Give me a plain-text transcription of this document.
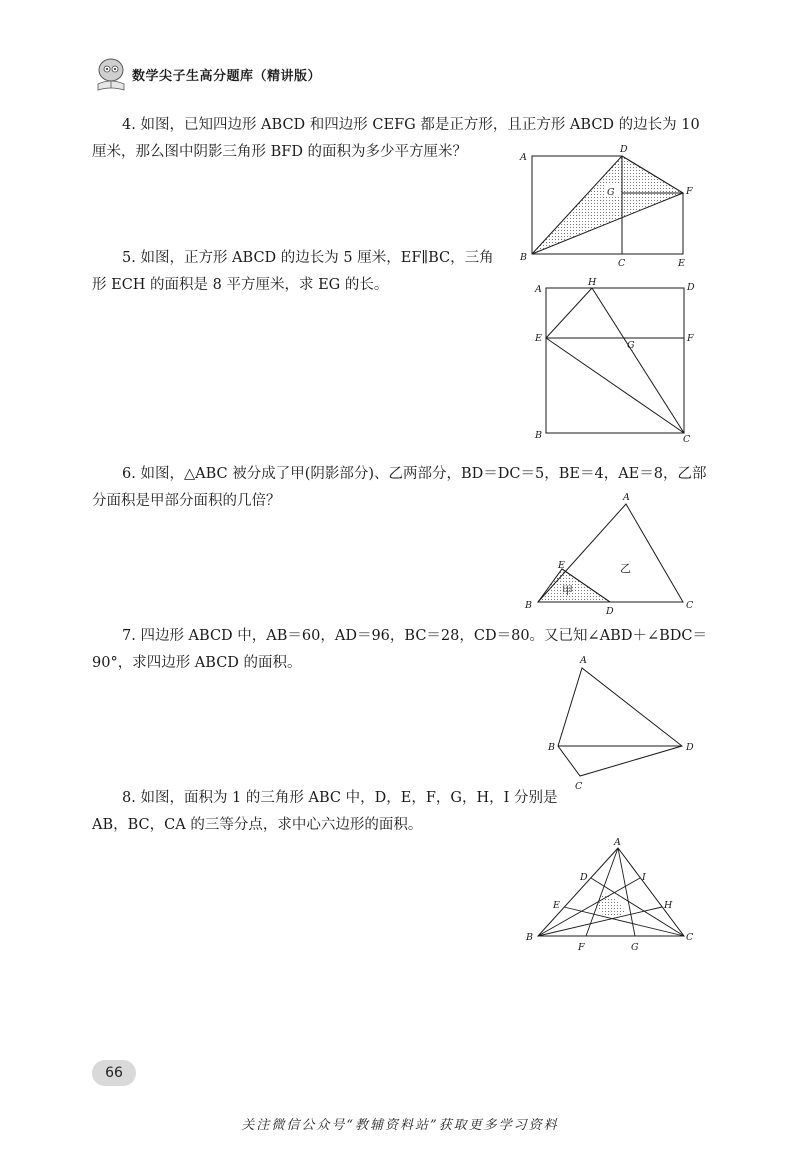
数学尖子生高分题库（精讲版）

4. 如图，已知四边形 ABCD 和四边形 CEFG 都是正方形，且正方形 ABCD 的边长为 10

厘米，那么图中阴影三角形 BFD 的面积为多少平方厘米？	A
D
G	F
B
C	E

5. 如图，正方形 ABCD 的边长为 5 厘米，EF∥BC，三角

形 ECH 的面积是 8 平方厘米，求 EG 的长。	A
H	D
E
G
F
B	C

6. 如图，△ABC 被分成了甲(阴影部分)、乙两部分，BD＝DC＝5，BE＝4，AE＝8，乙部

分面积是甲部分面积的几倍？	A
E
甲
乙
B
D
C

7. 四边形 ABCD 中，AB＝60，AD＝96，BC＝28，CD＝80。又已知∠ABD＋∠BDC＝

90°，求四边形 ABCD 的面积。	A
B	D
C

8. 如图，面积为 1 的三角形 ABC 中，D，E，F，G，H，I 分别是

AB，BC，CA 的三等分点，求中心六边形的面积。

A
D	I
E	H
B
F	G
C
66
关注微信公众号“教辅资料站”获取更多学习资料
